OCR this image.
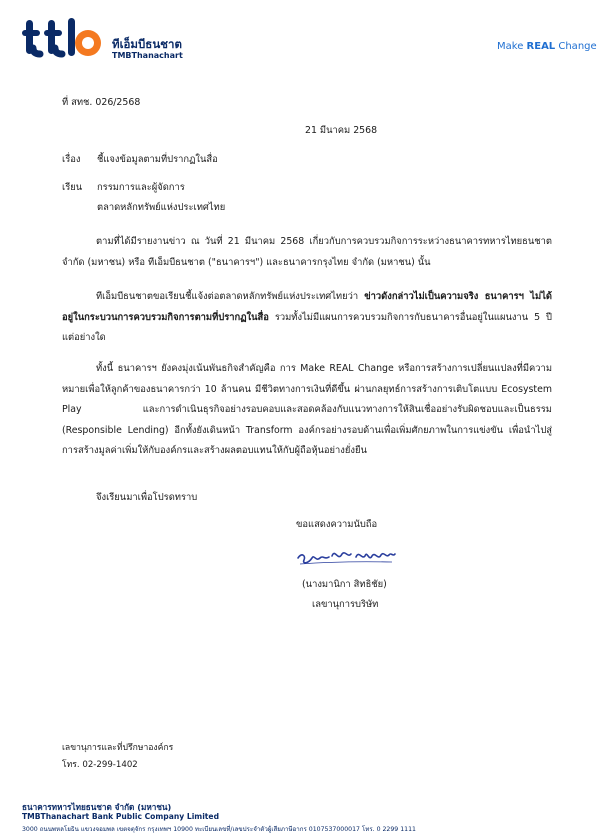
ทีเอ็มบีธนชาต
TMBThanachart
Make REAL Change
ที่ สทช. 026/2568
21 มีนาคม 2568
เรื่อง ชี้แจงข้อมูลตามที่ปรากฏในสื่อ
เรียน กรรมการและผู้จัดการ
ตลาดหลักทรัพย์แห่งประเทศไทย
ตามที่ได้มีรายงานข่าว ณ วันที่ 21 มีนาคม 2568 เกี่ยวกับการควบรวมกิจการระหว่างธนาคารทหารไทยธนชาต จำกัด (มหาชน) หรือ ทีเอ็มบีธนชาต ("ธนาคารฯ") และธนาคารกรุงไทย จำกัด (มหาชน) นั้น
ทีเอ็มบีธนชาตขอเรียนชี้แจ้งต่อตลาดหลักทรัพย์แห่งประเทศไทยว่า ข่าวดังกล่าวไม่เป็นความจริง ธนาคารฯ ไม่ได้อยู่ในกระบวนการควบรวมกิจการตามที่ปรากฏในสื่อ รวมทั้งไม่มีแผนการควบรวมกิจการกับธนาคารอื่นอยู่ในแผนงาน 5 ปีแต่อย่างใด
ทั้งนี้ ธนาคารฯ ยังคงมุ่งเน้นพันธกิจสำคัญคือ การ Make REAL Change หรือการสร้างการเปลี่ยนแปลงที่มีความหมายเพื่อให้ลูกค้าของธนาคารกว่า 10 ล้านคน มีชีวิตทางการเงินที่ดีขึ้น ผ่านกลยุทธ์การสร้างการเติบโตแบบ Ecosystem Play และการดำเนินธุรกิจอย่างรอบคอบและสอดคล้องกับแนวทางการให้สินเชื่ออย่างรับผิดชอบและเป็นธรรม (Responsible Lending) อีกทั้งยังเดินหน้า Transform องค์กรอย่างรอบด้านเพื่อเพิ่มศักยภาพในการแข่งขัน เพื่อนำไปสู่การสร้างมูลค่าเพิ่มให้กับองค์กรและสร้างผลตอบแทนให้กับผู้ถือหุ้นอย่างยั่งยืน
จึงเรียนมาเพื่อโปรดทราบ
ขอแสดงความนับถือ
(นางมานิกา สิทธิชัย)
เลขานุการบริษัท
เลขานุการและที่ปรึกษาองค์กร
โทร. 02-299-1402
ธนาคารทหารไทยธนชาต จำกัด (มหาชน)
TMBThanachart Bank Public Company Limited
3000 ถนนพหลโยธิน แขวงจอมพล เขตจตุจักร กรุงเทพฯ 10900 ทะเบียนเลขที่/เลขประจำตัวผู้เสียภาษีอากร 0107537000017 โทร. 0 2299 1111
